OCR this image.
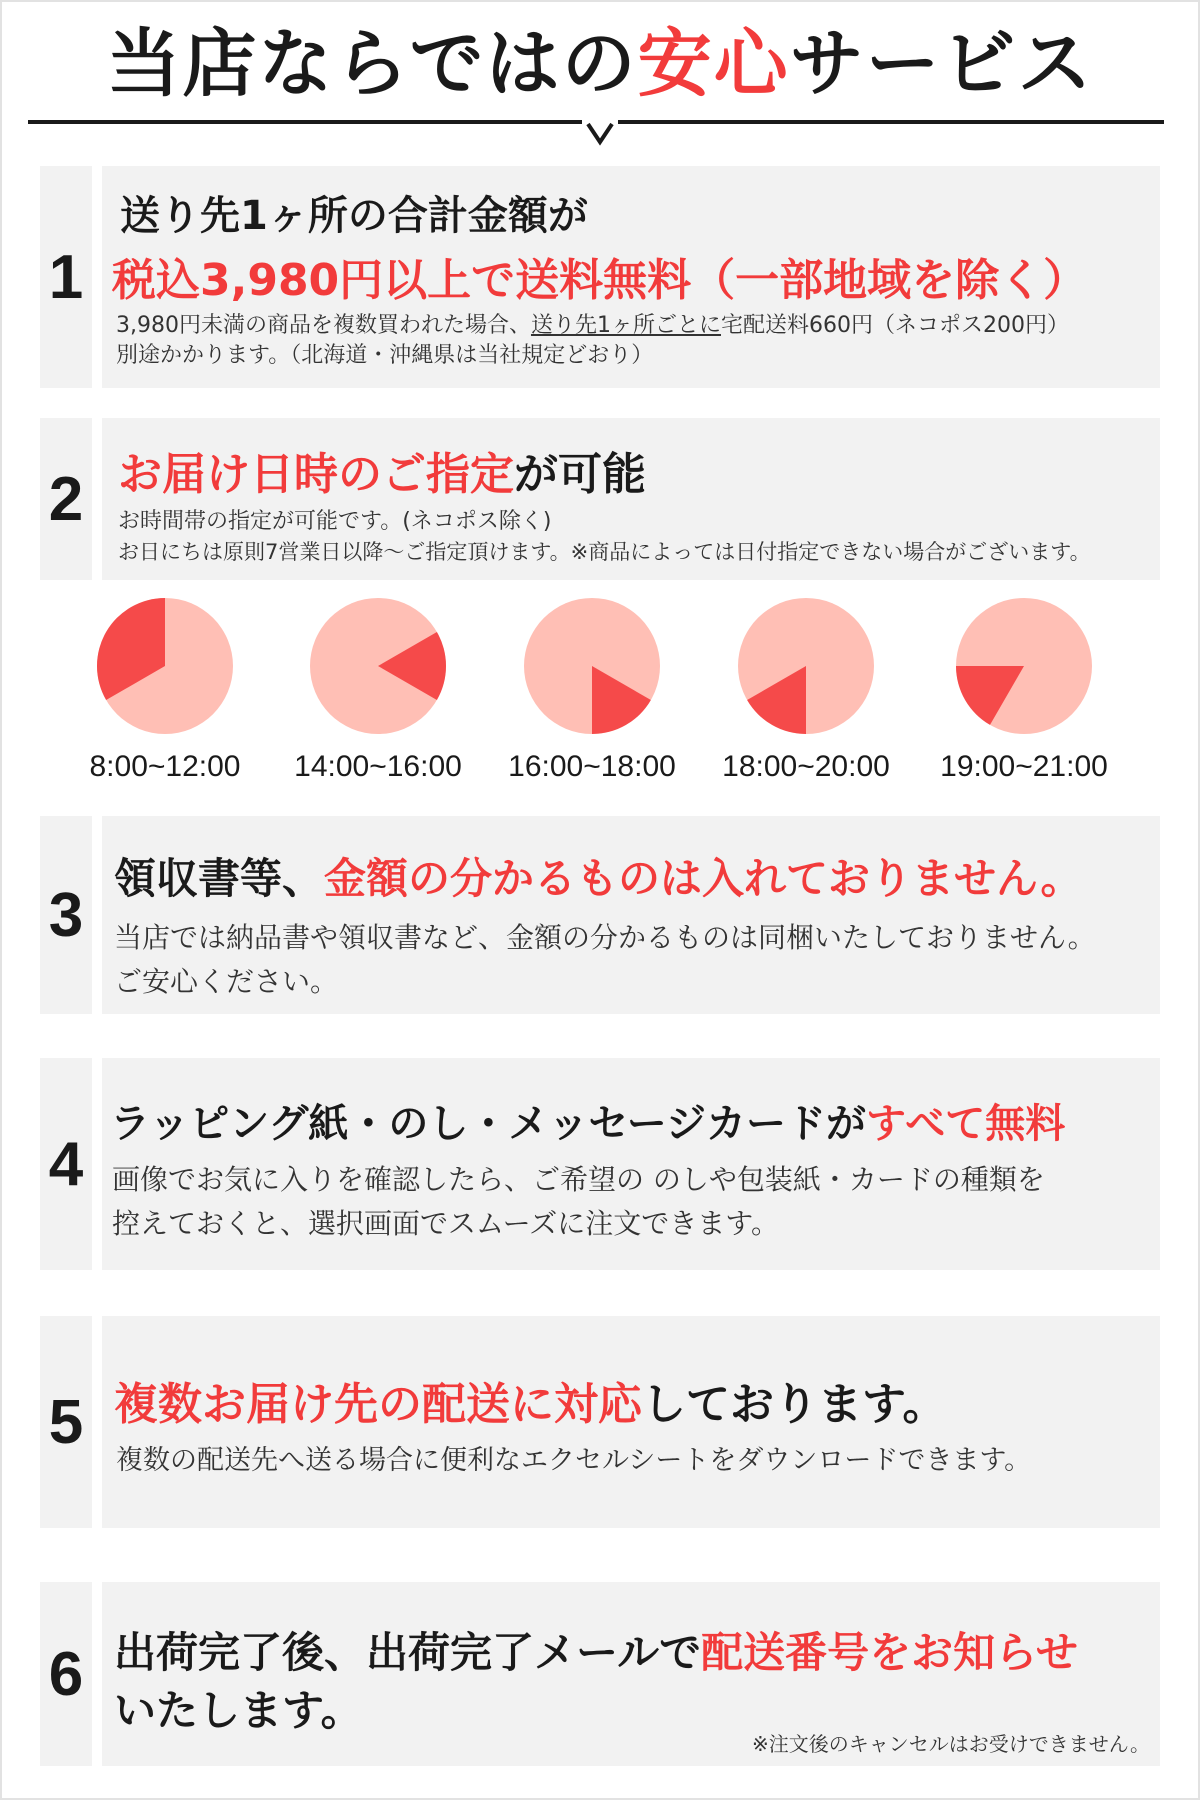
当店ならではの安心サービス
1
送り先1ヶ所の合計金額が
税込3,980円以上で送料無料（一部地域を除く）
3,980円未満の商品を複数買われた場合、送り先1ヶ所ごとに宅配送料660円（ネコポス200円）
別途かかります。（北海道・沖縄県は当社規定どおり）
2 お届け日時のご指定が可能
お時間帯の指定が可能です。(ネコポス除く)
お日にちは原則7営業日以降～ご指定頂けます。※商品によっては日付指定できない場合がございます。
8:00~12:00	14:00~16:00	16:00~18:00	18:00~20:00	19:00~21:00
3
領収書等、金額の分かるものは入れておりません。
当店では納品書や領収書など、金額の分かるものは同梱いたしておりません。
ご安心ください。
4
ラッピング紙・のし・メッセージカードがすべて無料
画像でお気に入りを確認したら、ご希望の のしや包装紙・カードの種類を
控えておくと、選択画面でスムーズに注文できます。
5 複数お届け先の配送に対応しております。
複数の配送先へ送る場合に便利なエクセルシートをダウンロードできます。
6 出荷完了後、出荷完了メールで配送番号をお知らせ
いたします。
※注文後のキャンセルはお受けできません。
